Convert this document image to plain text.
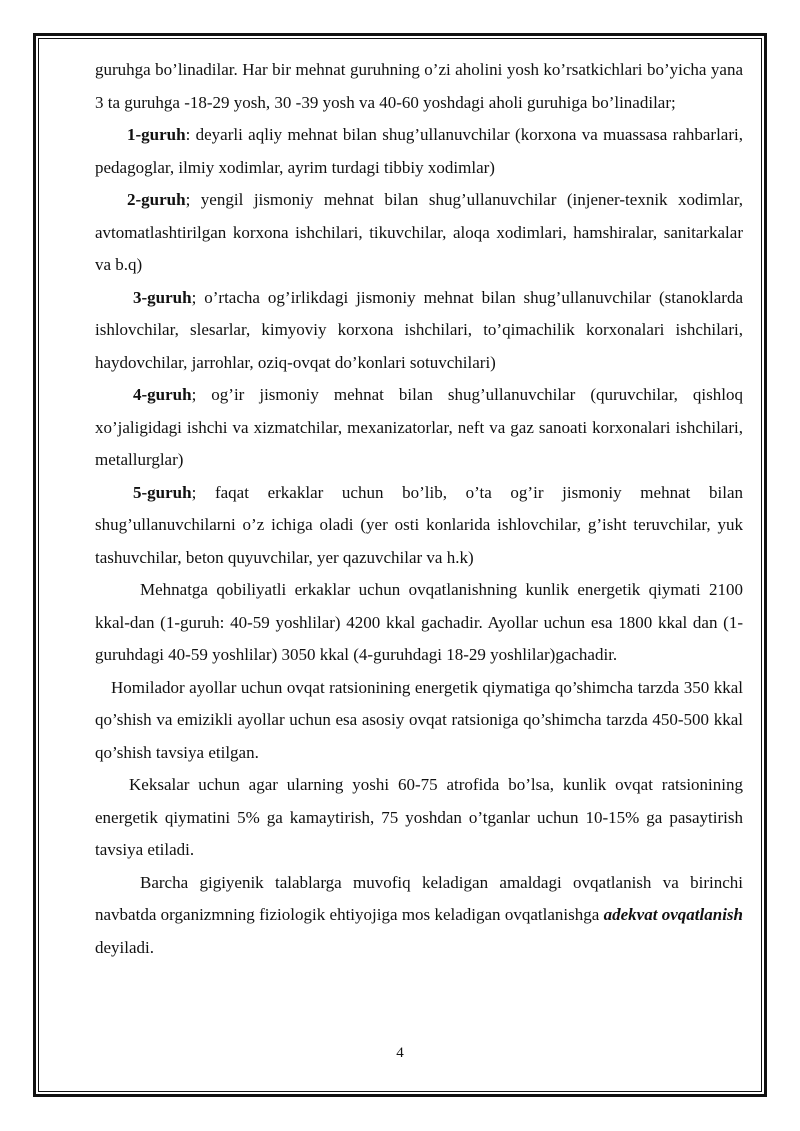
guruhga bo’linadilar. Har bir mehnat guruhning o’zi aholini yosh ko’rsatkichlari bo’yicha yana 3 ta guruhga -18-29 yosh, 30 -39 yosh va 40-60 yoshdagi aholi guruhiga bo’linadilar;

1-guruh: deyarli aqliy mehnat bilan shug’ullanuvchilar (korxona va muassasa rahbarlari, pedagoglar, ilmiy xodimlar, ayrim turdagi tibbiy xodimlar)

2-guruh; yengil jismoniy mehnat bilan shug’ullanuvchilar (injener-texnik xodimlar, avtomatlashtirilgan korxona ishchilari, tikuvchilar, aloqa xodimlari, hamshiralar, sanitarkalar va b.q)

3-guruh; o’rtacha og’irlikdagi jismoniy mehnat bilan shug’ullanuvchilar (stanoklarda ishlovchilar, slesarlar, kimyoviy korxona ishchilari, to’qimachilik korxonalari ishchilari, haydovchilar, jarrohlar, oziq-ovqat do’konlari sotuvchilari)

4-guruh; og’ir jismoniy mehnat bilan shug’ullanuvchilar (quruvchilar, qishloq xo’jaligidagi ishchi va xizmatchilar, mexanizatorlar, neft va gaz sanoati korxonalari ishchilari, metallurglar)

5-guruh; faqat erkaklar uchun bo’lib, o’ta og’ir jismoniy mehnat bilan shug’ullanuvchilarni o’z ichiga oladi (yer osti konlarida ishlovchilar, g’isht teruvchilar, yuk tashuvchilar, beton quyuvchilar, yer qazuvchilar va h.k)

Mehnatga qobiliyatli erkaklar uchun ovqatlanishning kunlik energetik qiymati 2100 kkal-dan (1-guruh: 40-59 yoshlilar) 4200 kkal gachadir. Ayollar uchun esa 1800 kkal dan (1-guruhdagi 40-59 yoshlilar) 3050 kkal (4-guruhdagi 18-29 yoshlilar)gachadir.

Homilador ayollar uchun ovqat ratsionining energetik qiymatiga qo’shimcha tarzda 350 kkal qo’shish va emizikli ayollar uchun esa asosiy ovqat ratsioniga qo’shimcha tarzda 450-500 kkal qo’shish tavsiya etilgan.

Keksalar uchun agar ularning yoshi 60-75 atrofida bo’lsa, kunlik ovqat ratsionining energetik qiymatini 5% ga kamaytirish, 75 yoshdan o’tganlar uchun 10-15% ga pasaytirish tavsiya etiladi.

Barcha gigiyenik talablarga muvofiq keladigan amaldagi ovqatlanish va birinchi navbatda organizmning fiziologik ehtiyojiga mos keladigan ovqatlanishga adekvat ovqatlanish deyiladi.

4
